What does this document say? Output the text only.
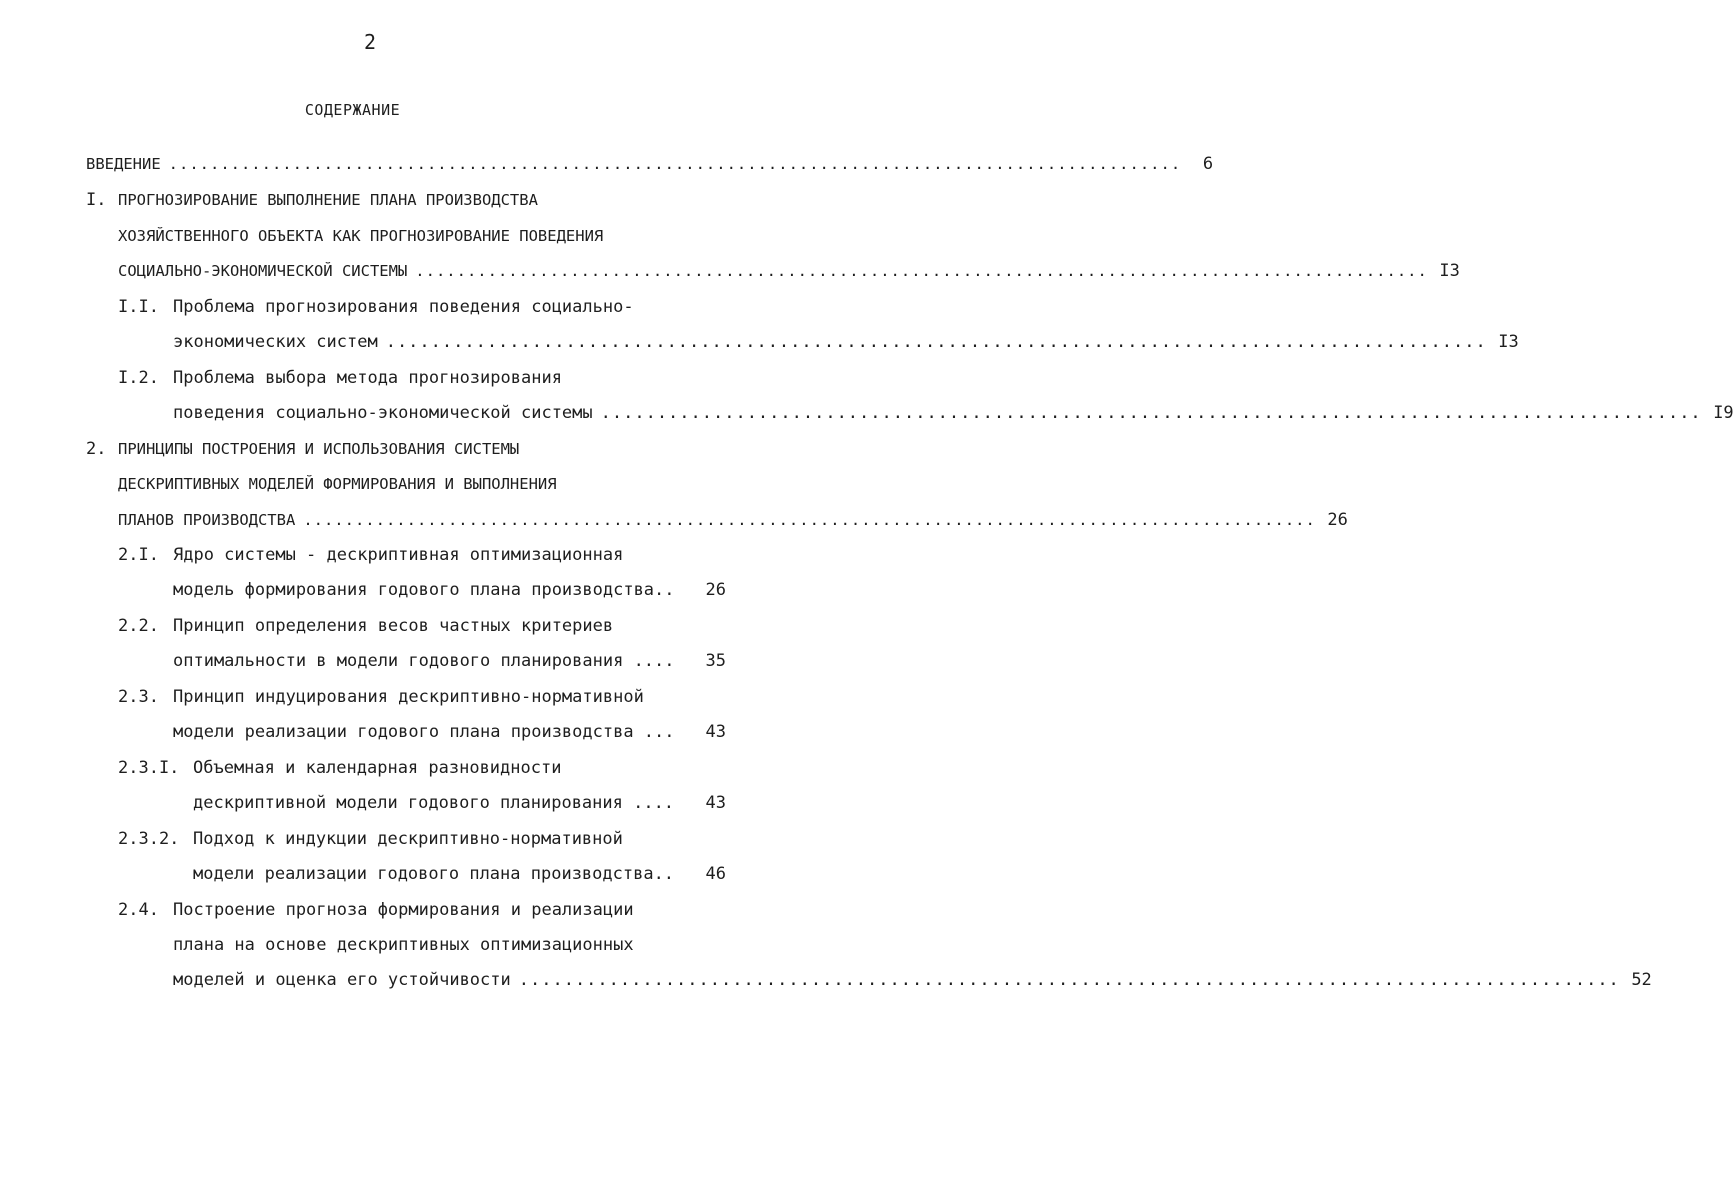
2
СОДЕРЖАНИЕ
ВВЕДЕНИЕ ..................................................................................................	6
I. ПРОГНОЗИРОВАНИЕ ВЫПОЛНЕНИЕ ПЛАНА ПРОИЗВОДСТВА
ХОЗЯЙСТВЕННОГО ОБЪЕКТА КАК ПРОГНОЗИРОВАНИЕ ПОВЕДЕНИЯ
СОЦИАЛЬНО-ЭКОНОМИЧЕСКОЙ СИСТЕМЫ .................................................................................................. I3
I.I. Проблема прогнозирования поведения социально-
экономических систем .................................................................................................. I3
I.2. Проблема выбора метода прогнозирования
поведения социально-экономической системы .................................................................................................. I9
2. ПРИНЦИПЫ ПОСТРОЕНИЯ И ИСПОЛЬЗОВАНИЯ СИСТЕМЫ
ДЕСКРИПТИВНЫХ МОДЕЛЕЙ ФОРМИРОВАНИЯ И ВЫПОЛНЕНИЯ
ПЛАНОВ ПРОИЗВОДСТВА .................................................................................................. 26
2.I. Ядро системы - дескриптивная оптимизационная
модель формирования годового плана производства..	26
2.2. Принцип определения весов частных критериев
оптимальности в модели годового планирования ....	35
2.3. Принцип индуцирования дескриптивно-нормативной
модели реализации годового плана производства ...	43
2.3.I. Объемная и календарная разновидности
дескриптивной модели годового планирования ....	43
2.3.2. Подход к индукции дескриптивно-нормативной
модели реализации годового плана производства..	46
2.4. Построение прогноза формирования и реализации
плана на основе дескриптивных оптимизационных
моделей и оценка его устойчивости .................................................................................................. 52
